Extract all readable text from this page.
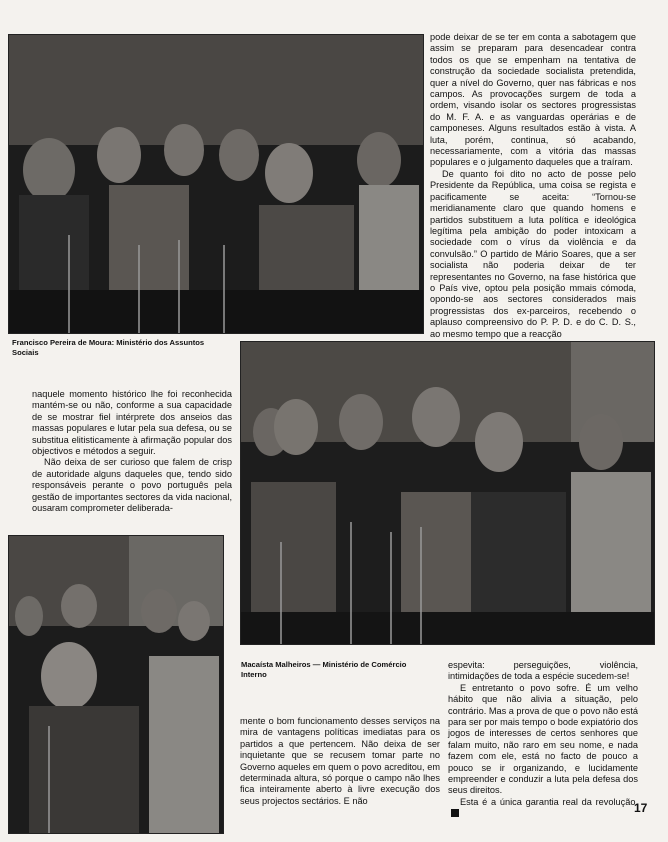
Francisco Pereira de Moura: Ministério dos Assuntos Sociais

pode deixar de se ter em conta a sabotagem que assim se preparam para desencadear contra todos os que se empenham na tentativa de construção da sociedade socialista pretendida, quer a nível do Governo, quer nas fábricas e nos campos. As provocações surgem de toda a ordem, visando isolar os sectores progressistas do M. F. A. e as vanguardas operárias e de camponeses. Alguns resultados estão à vista. A luta, porém, continua, só acabando, necessariamente, com a vitória das massas populares e o julgamento daqueles que a traíram.

De quanto foi dito no acto de posse pelo Presidente da República, uma coisa se regista e pacificamente se aceita: “Tornou-se meridianamente claro que quando homens e partidos substituem a luta política e ideológica legítima pela ambição do poder intoxicam a sociedade com o vírus da violência e da convulsão.” O partido de Mário Soares, que a ser socialista não poderia deixar de ter representantes no Governo, na fase histórica que o País vive, optou pela posição mmais cómoda, opondo-se aos sectores considerados mais progressistas dos ex-parceiros, recebendo o aplauso compreensivo do P. P. D. e do C. D. S., ao mesmo tempo que a reacção

naquele momento histórico lhe foi reconhecida mantém-se ou não, conforme a sua capacidade de se mostrar fiel intérprete dos anseios das massas populares e lutar pela sua defesa, ou se substitua elitisticamente à afirmação popular dos objectivos e métodos a seguir.

Não deixa de ser curioso que falem de crisp de autoridade alguns daqueles que, tendo sido responsáveis perante o povo português pela gestão de importantes sectores da vida nacional, ousaram comprometer deliberada-

Macaísta Malheiros — Ministério de Comércio Interno

mente o bom funcionamento desses serviços na mira de vantagens políticas imediatas para os partidos a que pertencem. Não deixa de ser inquietante que se recusem tomar parte no Governo aqueles em quem o povo acreditou, em determinada altura, só porque o campo não lhes fica inteiramente aberto à livre execução dos seus projectos sectários. E não

espevita: perseguições, violência, intimidações de toda a espécie sucedem-se!

E entretanto o povo sofre. É um velho hábito que não alivia a situação, pelo contrário. Mas a prova de que o povo não está para ser por mais tempo o bode expiatório dos jogos de interesses de certos senhores que falam muito, não raro em seu nome, e nada fazem com ele, está no facto de pouco a pouco se ir organizando, e lucidamente empreender e conduzir a luta pela defesa dos seus direitos.

Esta é a única garantia real da revolução.

17
